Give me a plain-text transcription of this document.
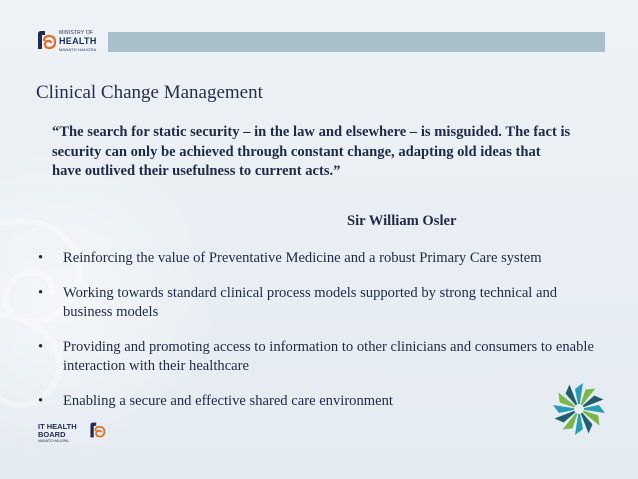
MINISTRY OF
HEALTH
MANATŪ HAUORA
Clinical Change Management
“The search for static security – in the law and elsewhere – is misguided. The fact is security can only be achieved through constant change, adapting old ideas that have outlived their usefulness to current acts.”
Sir William Osler
• Reinforcing the value of Preventative Medicine and a robust Primary Care system
• Working towards standard clinical process models supported by strong technical and business models
• Providing and promoting access to information to other clinicians and consumers to enable interaction with their healthcare
• Enabling a secure and effective shared care environment
IT HEALTH
BOARD
MANATŪ HAUORA
